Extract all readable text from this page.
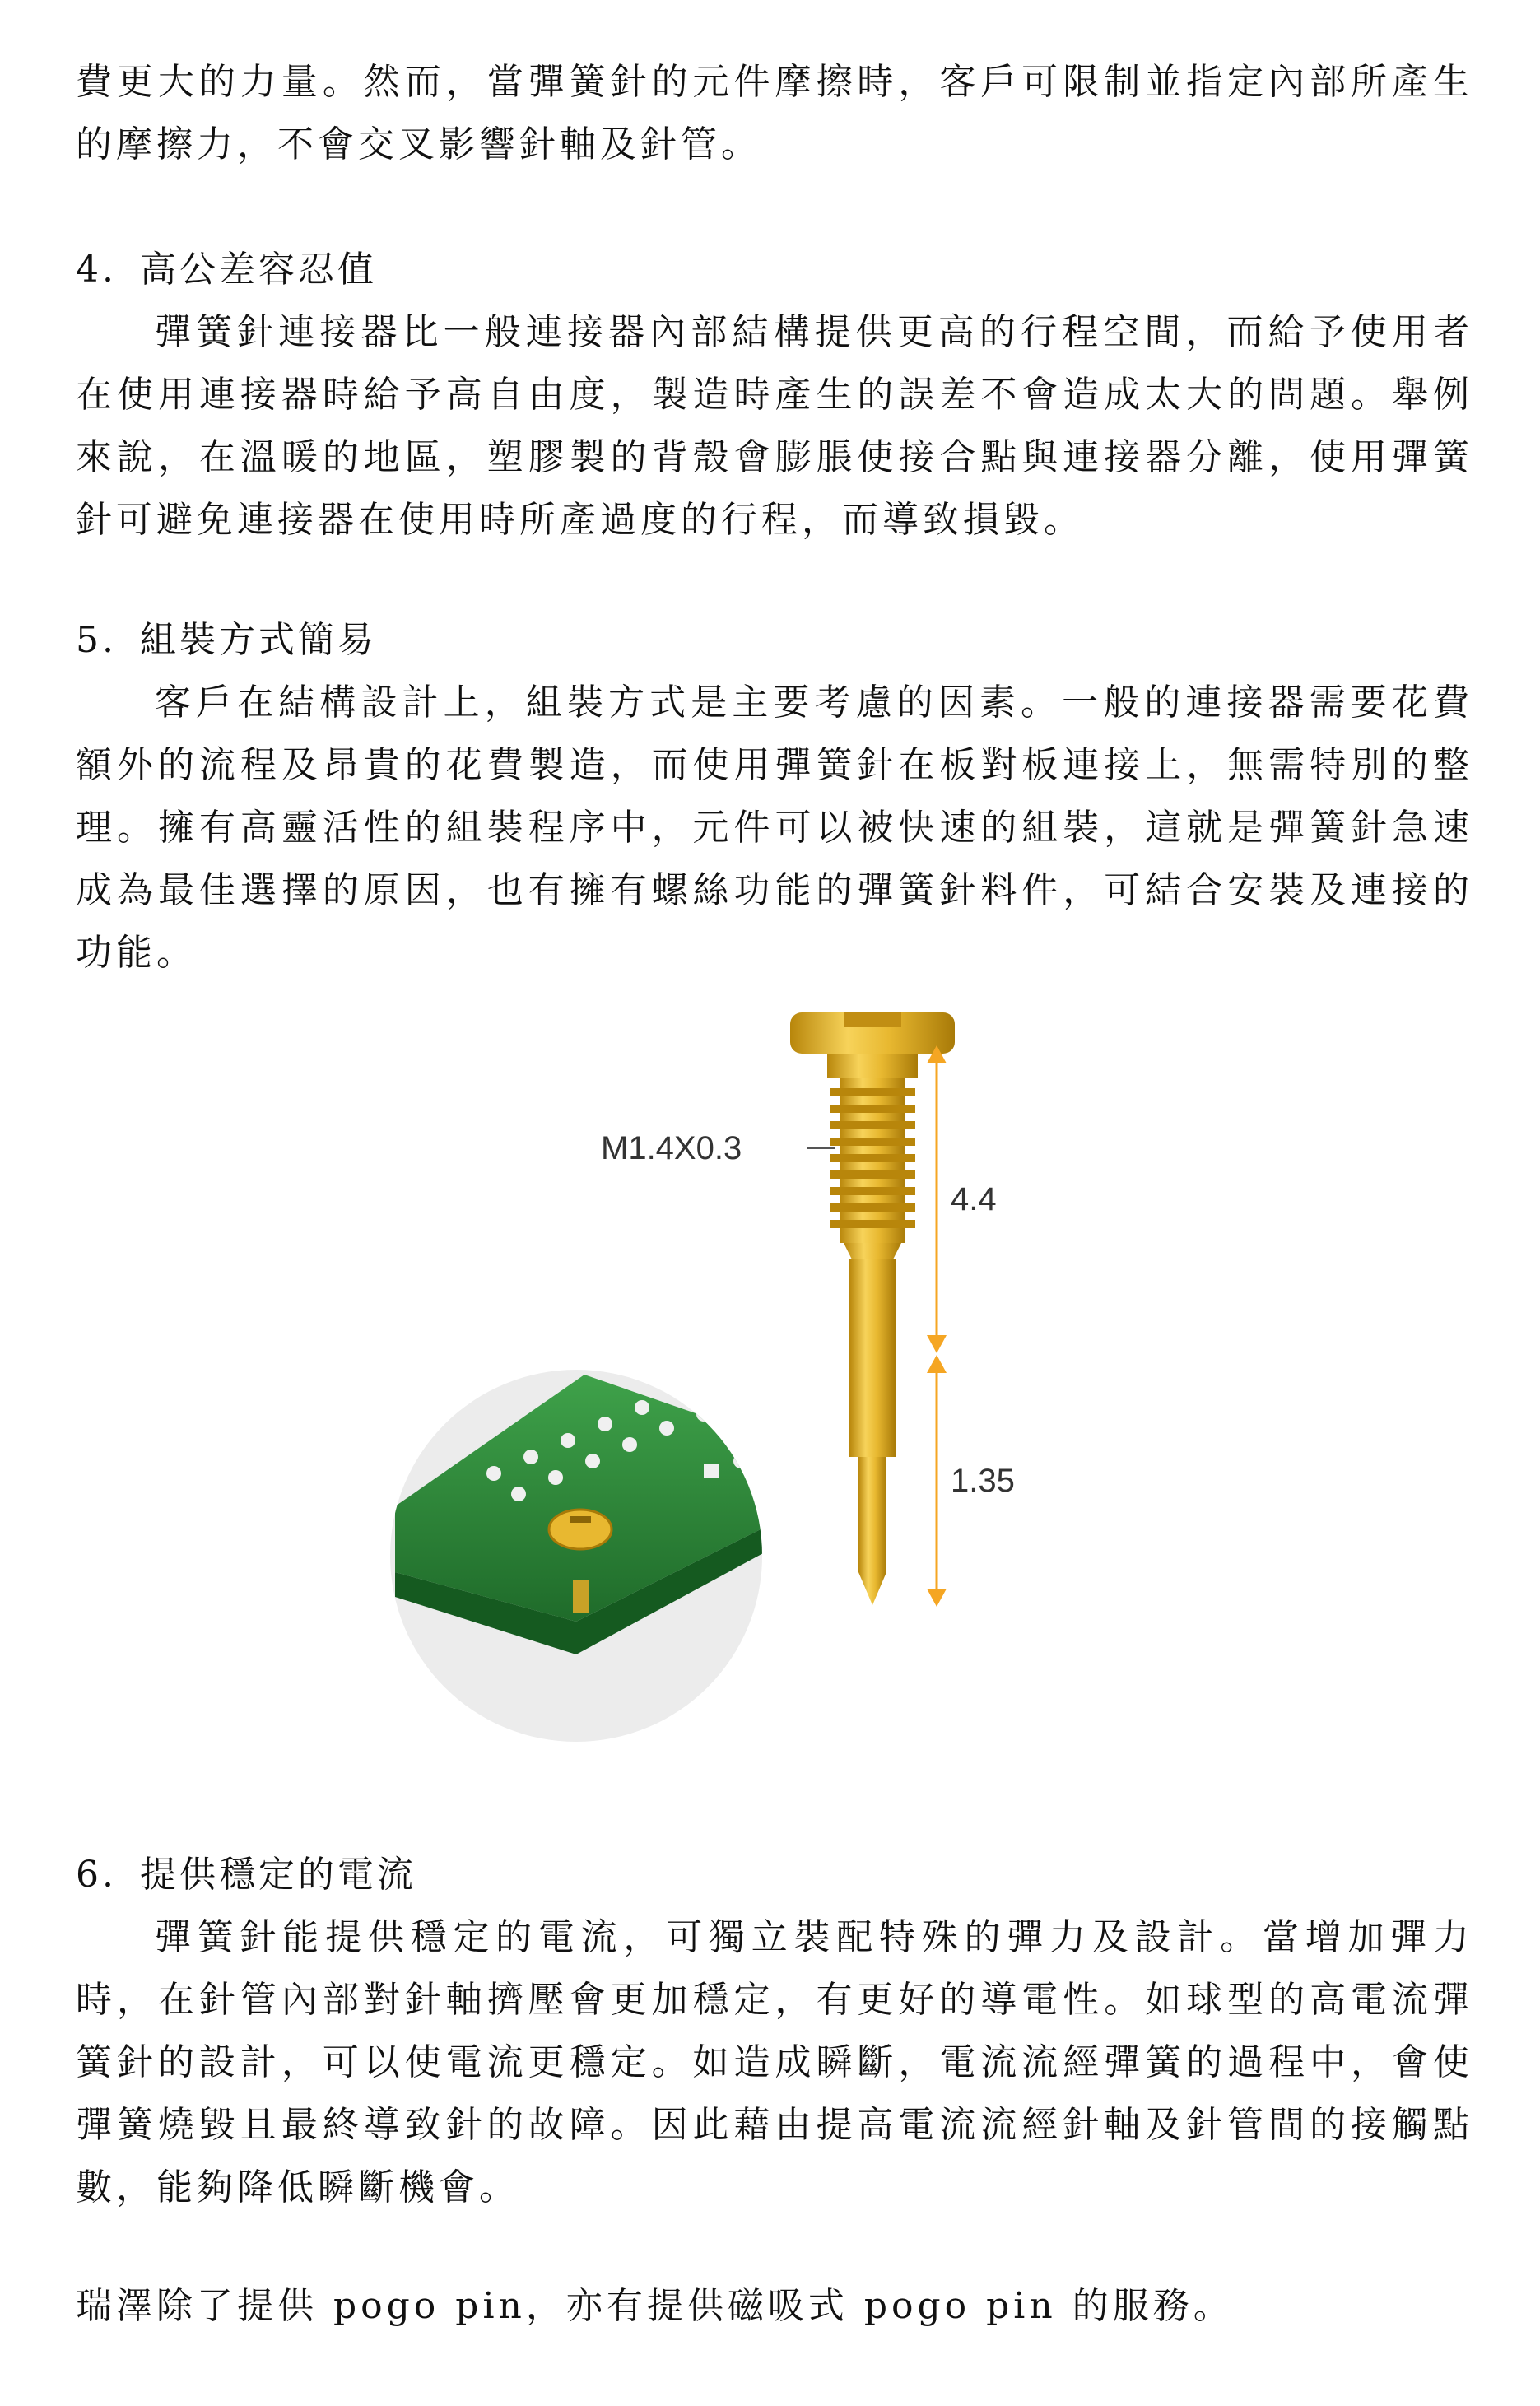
費更大的力量。然而，當彈簧針的元件摩擦時，客戶可限制並指定內部所產生的摩擦力，不會交叉影響針軸及針管。

4. 高公差容忍值

彈簧針連接器比一般連接器內部結構提供更高的行程空間，而給予使用者在使用連接器時給予高自由度，製造時產生的誤差不會造成太大的問題。舉例來說，在溫暖的地區，塑膠製的背殼會膨脹使接合點與連接器分離，使用彈簧針可避免連接器在使用時所產過度的行程，而導致損毀。

5. 組裝方式簡易

客戶在結構設計上，組裝方式是主要考慮的因素。一般的連接器需要花費額外的流程及昂貴的花費製造，而使用彈簧針在板對板連接上，無需特別的整理。擁有高靈活性的組裝程序中，元件可以被快速的組裝，這就是彈簧針急速成為最佳選擇的原因，也有擁有螺絲功能的彈簧針料件，可結合安裝及連接的功能。

M1.4X0.3
4.4
1.35
6. 提供穩定的電流

彈簧針能提供穩定的電流，可獨立裝配特殊的彈力及設計。當增加彈力時，在針管內部對針軸擠壓會更加穩定，有更好的導電性。如球型的高電流彈簧針的設計，可以使電流更穩定。如造成瞬斷，電流流經彈簧的過程中，會使彈簧燒毀且最終導致針的故障。因此藉由提高電流流經針軸及針管間的接觸點數，能夠降低瞬斷機會。

瑞澤除了提供 pogo pin，亦有提供磁吸式 pogo pin 的服務。
